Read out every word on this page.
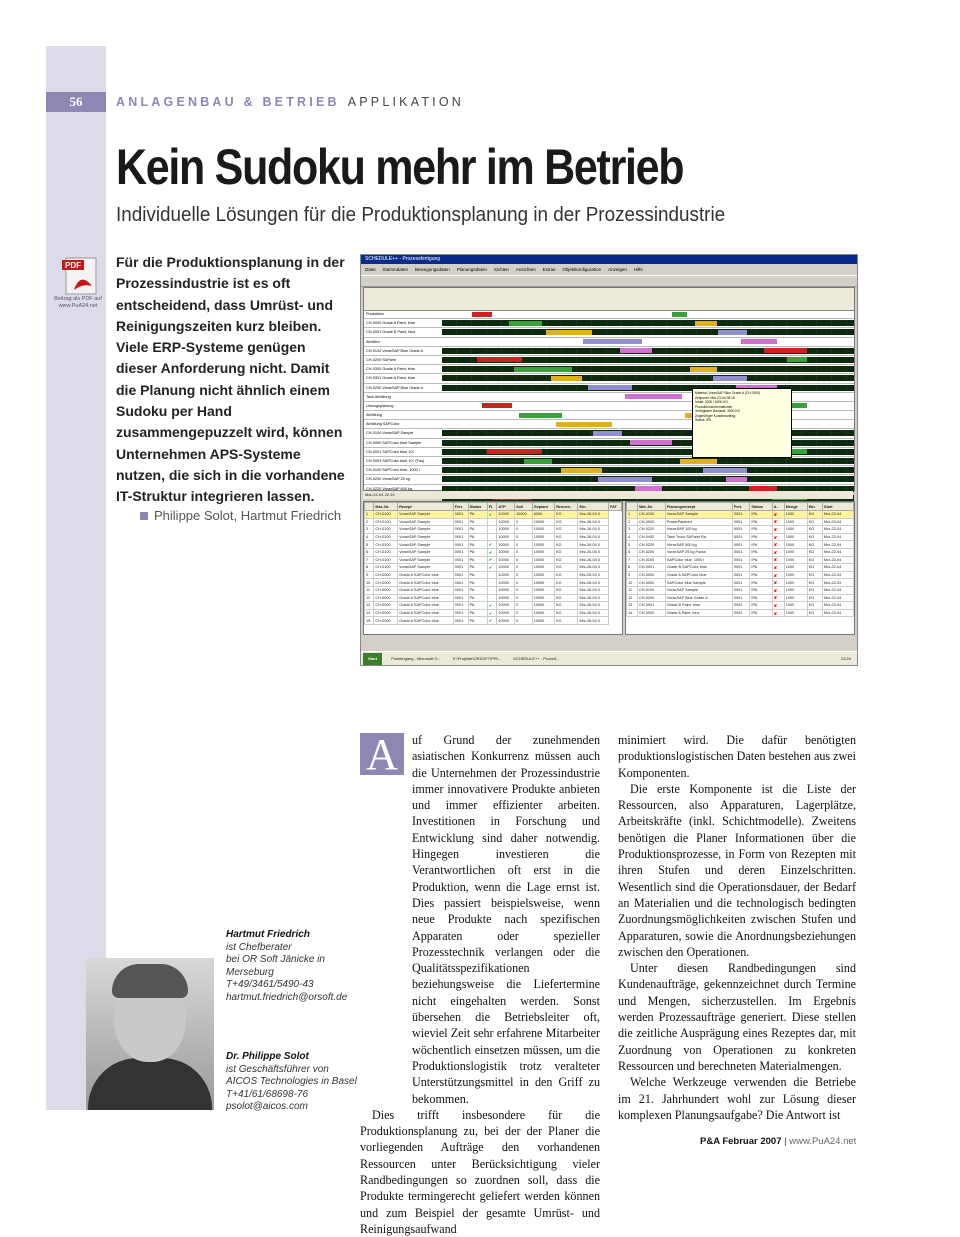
56	ANLAGENBAU & BETRIEB APPLIKATION
Kein Sudoku mehr im Betrieb
Individuelle Lösungen für die Produktionsplanung in der Prozessindustrie
PDF
Beitrag als PDF auf www.PuA24.net
Für die Produktionsplanung in der Prozessindustrie ist es oft entscheidend, dass Umrüst- und Reinigungszeiten kurz bleiben. Viele ERP-Systeme genügen dieser Anforderung nicht. Damit die Planung nicht ähnlich einem Sudoku per Hand zusammengepuzzelt wird, können Unternehmen APS-Systeme nutzen, die sich in die vorhandene IT-Struktur integrieren lassen.
Philippe Solot, Hartmut Friedrich
SCHEDULE++ - Prozessfertigung
Datei Stammdaten Bewegungsdaten Planungsdaten Sichten Ansichten Extras Objektkonfiguration Anzeigen Hilfe
Produktion
CH-0000 Grade A Paint, blue
CH-0001 Grade B Paint, blue
Abfüllen
CH-0102 VoraxSAP Blue Grade A
CH-0200 SAPaint
CH-0300 Grade A Paint, blue
CH-0301 Grade A Paint, blue
CH-0200 VoraxSAP Blue Grade A
Tank Abfüllung
Umzugsplanung
Abfüllung
Abfüllung SAPColor
CH-0100 VoraxSAP Sample
CH-0000 SAPColor blue Sample
CH-0001 SAPColor blue 10 l
CH-0003 SAPColor blue 10 l (Fas)
CH-0100 SAPColor blue, 1000 l
CH-0200 VoraxSAP 25 kg
CH-0220 VoraxSAP 600 kg
Material: VoraxSAP Blue Grade A (CH-0200)
Zeitpunkt: Mar-23-04 08:15
Inhalt: 3000 / 6000 KG
Produktionsinformationen
Verfügbarer Bestand: 3000 KG
Zugehöriger Kundenauftrag
Status: IPA
Mar-22-04 22:14
	Mat.-Nr.	Rezept	Fert.	Status	Fi.	ATP	Soll	Geplant	Rennen.	Ein.	FAT
1	CH-0100	VoraxSAP Sample	0001	PA	✔	10000	10000	6000	KG	Mrz-26-04 0	
2	CH-0100	VoraxSAP Sample	0001	PA		10000	0	10000	KG	Mrz-26-04 0	
3	CH-0100	VoraxSAP Sample	0001	PA		10000	0	10000	KG	Mrz-26-04 0	
4	CH-0100	VoraxSAP Sample	0001	PA		10000	0	10000	KG	Mrz-26-04 0	
5	CH-0100	VoraxSAP Sample	0001	PA	✔	10000	0	10000	KG	Mrz-26-04 0	
6	CH-0100	VoraxSAP Sample	0001	PA	✔	10000	0	10000	KG	Mrz-26-04 0	
7	CH-0100	VoraxSAP Sample	0001	PA	✔	10000	0	10000	KG	Mrz-26-04 0	
8	CH-0100	VoraxSAP Sample	0001	PA	✔	10000	0	10000	KG	Mrz-26-04 0	
9	CH-0000	Grade A SAPColor blue	0001	PA		10000	0	10000	KG	Mrz-26-04 0	
10	CH-0000	Grade A SAPColor blue	0001	PA		10000	0	10000	KG	Mrz-26-04 0	
11	CH-0000	Grade A SAPColor blue	0001	PA		10000	0	10000	KG	Mrz-26-04 0	
12	CH-0000	Grade A SAPColor blue	0001	PA		10000	0	10000	KG	Mrz-26-04 0	
13	CH-0000	Grade A SAPColor blue	0001	PA	✔	10000	0	10000	KG	Mrz-26-04 0	
14	CH-0000	Grade A SAPColor blue	0001	PA	✔	10000	0	10000	KG	Mrz-26-04 0	
15	CH-0000	Grade A SAPColor blue	0001	PA	✔	10000	0	10000	KG	Mrz-26-04 0	
	Mat.-Nr.	Planungsrezept	Fert.	Status	A..	Menge	Ein.	Start
1	CH-0100	VoraxSAP Sample	0001	IPA	✘	1000	KG	Mrz-23-04
2	CH-0000	PowerPaintred	0001	IPA	✘	1000	KG	Mrz-23-04
3	CH-0220	VoraxSAP 100 kg	0001	IPA	✘	1000	KG	Mrz-23-04
4	CH-0402	Tank Truck SAPaint Ra	0001	IPA	✘	1000	KG	Mrz-23-04
5	CH-0220	VoraxSAP 500 kg	0001	IPA	✘	1000	KG	Mrz-22-04
6	CH-0200	VoraxSAP 25 kg Packs	0001	IPA	✘	1000	KG	Mrz-22-04
7	CH-0100	SAPColor blue, 1000 l	0001	IPA	✘	1000	KG	Mrz-22-04
8	CH-0001	Grade B SAPColor blue	0001	IPA	✘	1000	KG	Mrz-22-04
9	CH-0000	Grade A SAPColor blue	0001	IPA	✘	1000	KG	Mrz-22-04
10	CH-0000	SAPColor blue Sample	0001	IPA	✘	1000	KG	Mrz-22-04
11	CH-0100	VoraxSAP Sample	0001	IPA	✘	1000	KG	Mrz-22-04
12	CH-0200	VoraxSAP Blue Grade A	0001	IPA	✘	1000	KG	Mrz-22-04
13	CH-0001	Grade B Paint, blue	0001	IPA	✘	1000	KG	Mrz-23-04
14	CH-0000	Grade A Paint, blue	0001	IPA	✘	1000	KG	Mrz-23-04
Start	Posteingang - Microsoft O...	E:\Projekte\ORSOFT\PR\...	SCHEDULE++ - Prozeß...	23:24
A	uf Grund der zunehmenden asiatischen Konkurrenz müssen auch die Unternehmen der Prozessindustrie immer innovativere Produkte anbieten und immer effizienter arbeiten. Investitionen in Forschung und Entwicklung sind daher notwendig. Hingegen investieren die Verantwortlichen oft erst in die Produktion, wenn die Lage ernst ist. Dies passiert beispielsweise, wenn neue Produkte nach spezifischen Apparaten oder spezieller Prozesstechnik verlangen oder die Qualitätsspezifikationen beziehungsweise die Liefertermine nicht eingehalten werden. Sonst übersehen die Betriebsleiter oft, wieviel Zeit sehr erfahrene Mitarbeiter wöchentlich einsetzen müssen, um die Produktionslogistik trotz veralteter Unterstützungsmittel in den Griff zu bekommen.

Dies trifft insbesondere für die Produktionsplanung zu, bei der der Planer die vorliegenden Aufträge den vorhandenen Ressourcen unter Berücksichtigung vieler Randbedingungen so zuordnen soll, dass die Produkte termingerecht geliefert werden können und zum Beispiel der gesamte Umrüst- und Reinigungsaufwand

minimiert wird. Die dafür benötigten produktionslogistischen Daten bestehen aus zwei Komponenten.

Die erste Komponente ist die Liste der Ressourcen, also Apparaturen, Lagerplätze, Arbeitskräfte (inkl. Schichtmodelle). Zweitens benötigen die Planer Informationen über die Produktionsprozesse, in Form von Rezepten mit ihren Stufen und deren Einzelschritten. Wesentlich sind die Operationsdauer, der Bedarf an Materialien und die technologisch bedingten Zuordnungsmöglichkeiten zwischen Stufen und Apparaturen, sowie die Anordnungsbeziehungen zwischen den Operationen.

Unter diesen Randbedingungen sind Kundenaufträge, gekennzeichnet durch Termine und Mengen, sicherzustellen. Im Ergebnis werden Prozessaufträge generiert. Diese stellen die zeitliche Ausprägung eines Rezeptes dar, mit Zuordnung von Operationen zu konkreten Ressourcen und berechneten Materialmengen.

Welche Werkzeuge verwenden die Betriebe im 21. Jahrhundert wohl zur Lösung dieser komplexen Planungsaufgabe? Die Antwort ist

Hartmut Friedrich
ist Chefberater
bei OR Soft Jänicke in
Merseburg
T+49/3461/5490-43
hartmut.friedrich@orsoft.de
Dr. Philippe Solot
ist Geschäftsführer von
AICOS Technologies in Basel
T+41/61/68698-76
psolot@aicos.com
P&A Februar 2007 | www.PuA24.net
